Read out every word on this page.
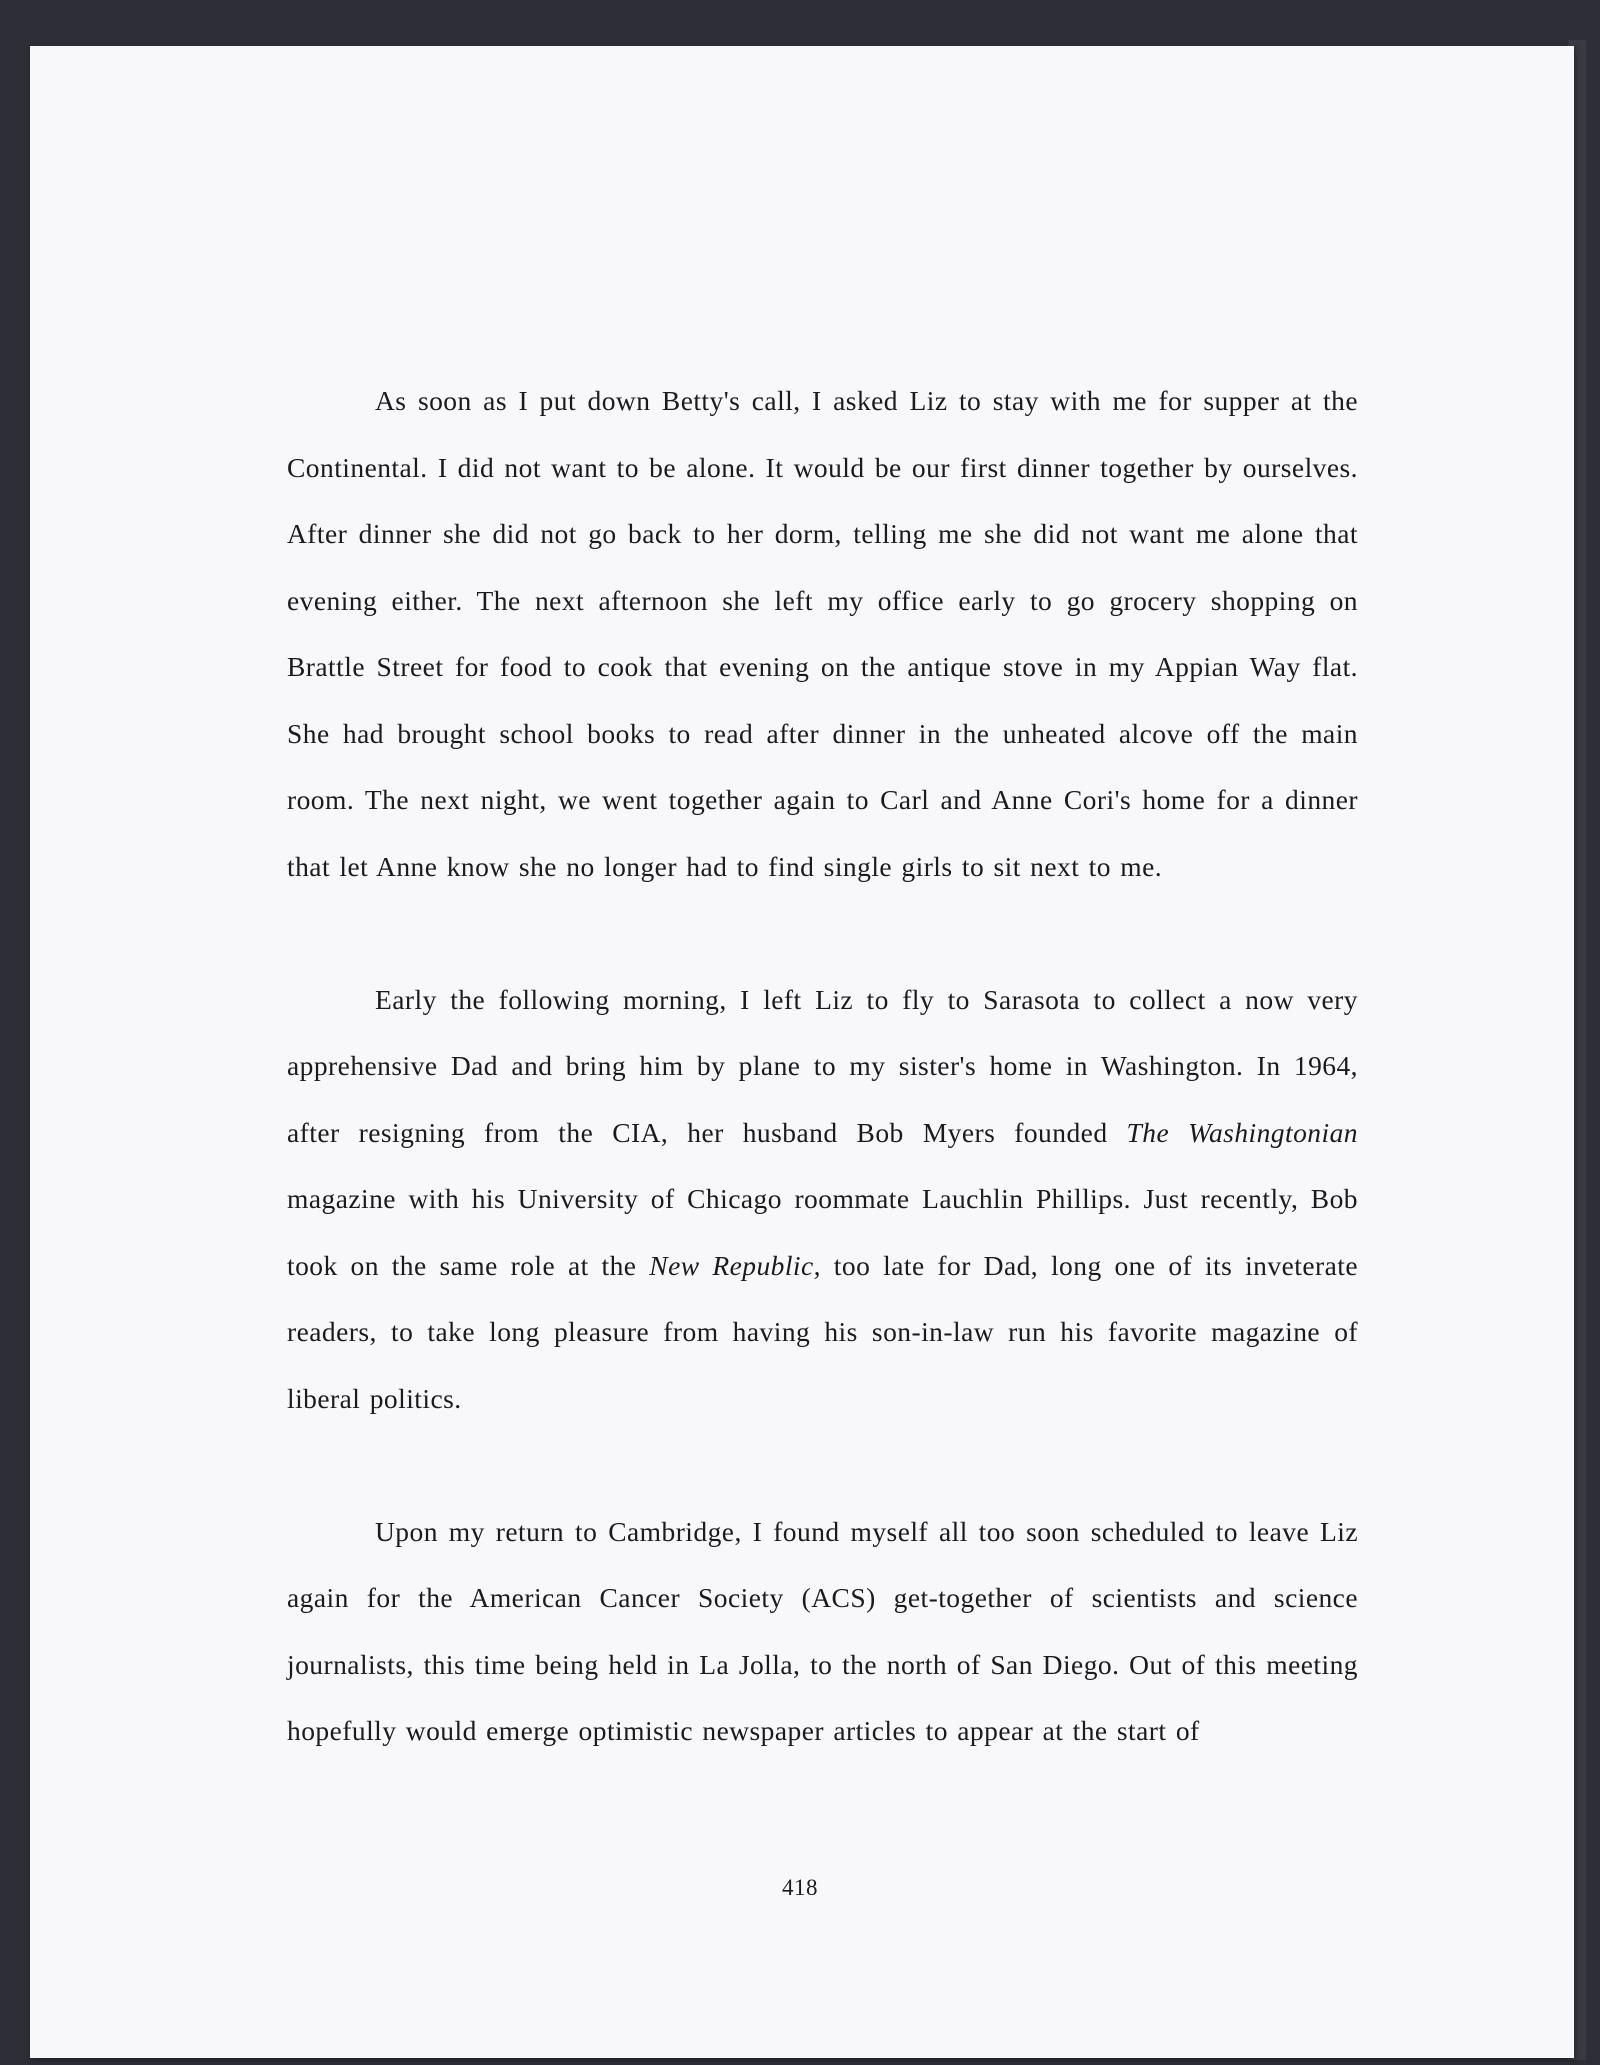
As soon as I put down Betty's call, I asked Liz to stay with me for supper at the Continental. I did not want to be alone. It would be our first dinner together by ourselves. After dinner she did not go back to her dorm, telling me she did not want me alone that evening either. The next afternoon she left my office early to go grocery shopping on Brattle Street for food to cook that evening on the antique stove in my Appian Way flat. She had brought school books to read after dinner in the unheated alcove off the main room. The next night, we went together again to Carl and Anne Cori's home for a dinner that let Anne know she no longer had to find single girls to sit next to me.

Early the following morning, I left Liz to fly to Sarasota to collect a now very apprehensive Dad and bring him by plane to my sister's home in Washington. In 1964, after resigning from the CIA, her husband Bob Myers founded The Washingtonian magazine with his University of Chicago roommate Lauchlin Phillips. Just recently, Bob took on the same role at the New Republic, too late for Dad, long one of its inveterate readers, to take long pleasure from having his son-in-law run his favorite magazine of liberal politics.

Upon my return to Cambridge, I found myself all too soon scheduled to leave Liz again for the American Cancer Society (ACS) get-together of scientists and science journalists, this time being held in La Jolla, to the north of San Diego. Out of this meeting hopefully would emerge optimistic newspaper articles to appear at the start of

418
